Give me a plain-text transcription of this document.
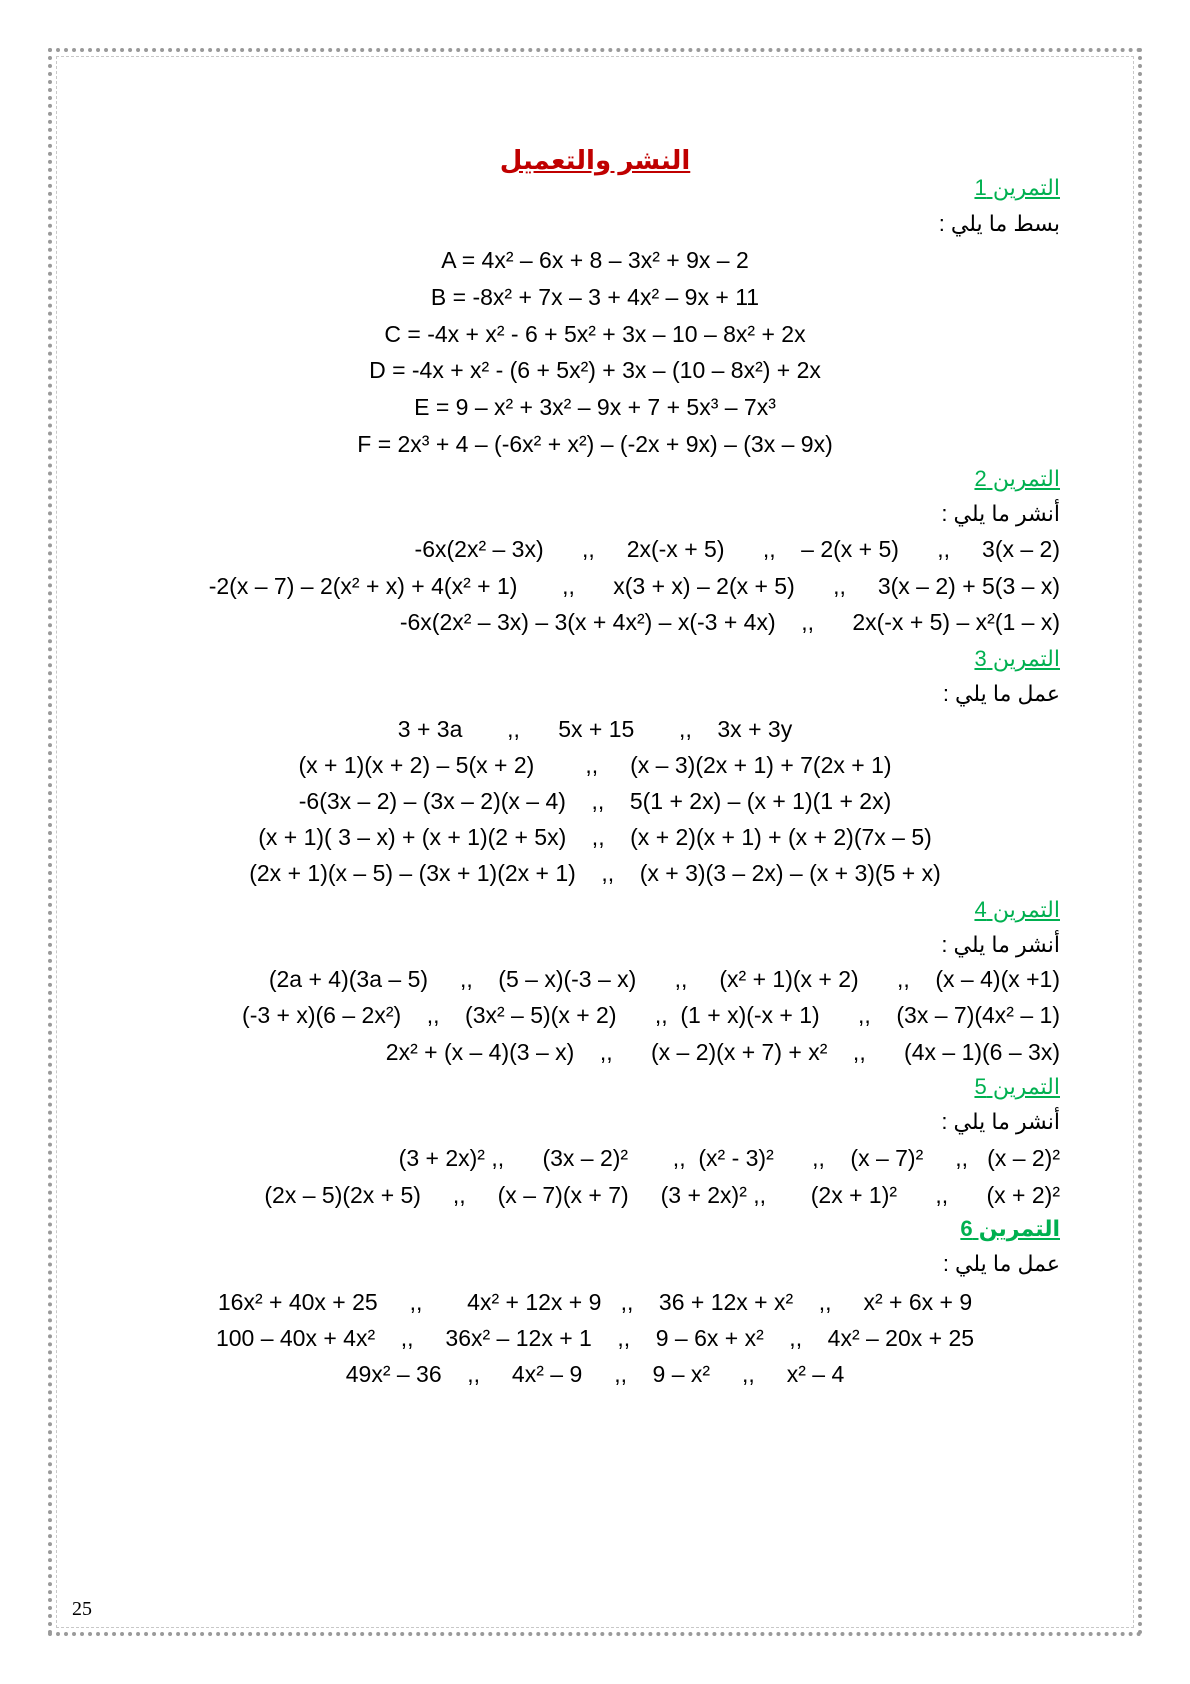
النشر والتعميل
التمرين 1
بسط ما يلي :
A = 4x² – 6x + 8 – 3x² + 9x – 2
B = -8x² + 7x – 3 + 4x² – 9x + 11
C = -4x + x² - 6 + 5x² + 3x – 10 – 8x² + 2x
D = -4x + x² - (6 + 5x²) + 3x – (10 – 8x²) + 2x
E = 9 – x² + 3x² – 9x + 7 + 5x³ – 7x³
F = 2x³ + 4 – (-6x² + x²) – (-2x + 9x) – (3x – 9x)
التمرين 2
أنشر ما يلي :
-6x(2x² – 3x)      ,,     2x(-x + 5)      ,,    – 2(x + 5)      ,,     3(x – 2)
-2(x – 7) – 2(x² + x) + 4(x² + 1)       ,,      x(3 + x) – 2(x + 5)      ,,     3(x – 2) + 5(3 – x)
-6x(2x² – 3x) – 3(x + 4x²) – x(-3 + 4x)    ,,      2x(-x + 5) – x²(1 – x)
التمرين 3
عمل ما يلي :
3 + 3a       ,,      5x + 15       ,,    3x + 3y
(x + 1)(x + 2) – 5(x + 2)        ,,     (x – 3)(2x + 1) + 7(2x + 1)
-6(3x – 2) – (3x – 2)(x – 4)    ,,    5(1 + 2x) – (x + 1)(1 + 2x)
(x + 1)( 3 – x) + (x + 1)(2 + 5x)    ,,    (x + 2)(x + 1) + (x + 2)(7x – 5)
(2x + 1)(x – 5) – (3x + 1)(2x + 1)    ,,    (x + 3)(3 – 2x) – (x + 3)(5 + x)
التمرين 4
أنشر ما يلي :
(2a + 4)(3a – 5)     ,,    (5 – x)(-3 – x)      ,,     (x² + 1)(x + 2)      ,,    (x – 4)(x +1)
(-3 + x)(6 – 2x²)    ,,    (3x² – 5)(x + 2)      ,,  (1 + x)(-x + 1)      ,,    (3x – 7)(4x² – 1)
2x² + (x – 4)(3 – x)    ,,      (x – 2)(x + 7) + x²    ,,      (4x – 1)(6 – 3x)
التمرين 5
أنشر ما يلي :
(3 + 2x)² ,,      (3x – 2)²       ,,  (x² - 3)²      ,,    (x – 7)²     ,,   (x – 2)²
(2x – 5)(2x + 5)     ,,     (x – 7)(x + 7)     (3 + 2x)² ,,       (2x + 1)²      ,,      (x + 2)²
التمرين 6
عمل ما يلي :
16x² + 40x + 25     ,,       4x² + 12x + 9   ,,    36 + 12x + x²    ,,     x² + 6x + 9
100 – 40x + 4x²    ,,     36x² – 12x + 1    ,,    9 – 6x + x²    ,,    4x² – 20x + 25
49x² – 36    ,,     4x² – 9     ,,    9 – x²     ,,     x² – 4
25
